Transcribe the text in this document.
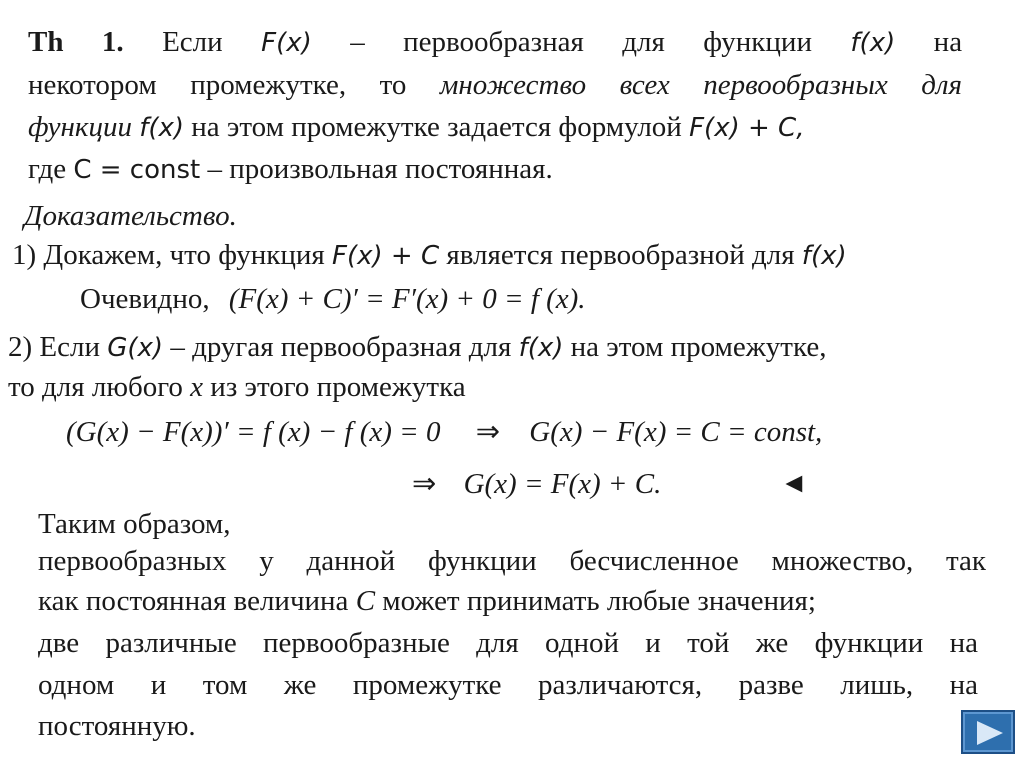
Th 1. Если F(x) – первообразная для функции f(x) на
некотором промежутке, то множество всех первообразных для
функции f(x) на этом промежутке задается формулой F(x) + C,
где C = const – произвольная постоянная.
Доказательство.
1) Докажем, что функция F(x) + C является первообразной для f(x)
Очевидно, (F(x) + C)′ = F′(x) + 0 = f (x).
2) Если G(x) – другая первообразная для f(x) на этом промежутке,
то для любого x из этого промежутка
(G(x) − F(x))′ = f (x) − f (x) = 0 ⇒ G(x) − F(x) = C = const,
⇒ G(x) = F(x) + C.	◄
Таким образом,
первообразных у данной функции бесчисленное множество, так
как постоянная величина C может принимать любые значения;
две различные первообразные для одной и той же функции на
одном и том же промежутке различаются, разве лишь, на
постоянную.
